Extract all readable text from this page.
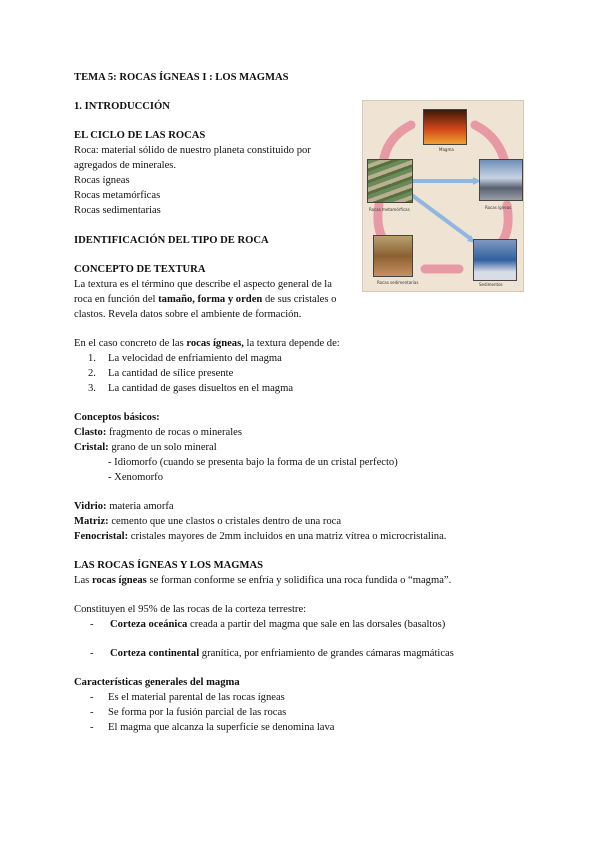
TEMA 5: ROCAS ÍGNEAS I : LOS MAGMAS
1. INTRODUCCIÓN
EL CICLO DE LAS ROCAS
Roca: material sólido de nuestro planeta constituido por
agregados de minerales.
Rocas ígneas
Rocas metamórficas
Rocas sedimentarias
IDENTIFICACIÓN DEL TIPO DE ROCA
CONCEPTO DE TEXTURA
La textura es el término que describe el aspecto general de la
roca en función del tamaño, forma y orden de sus cristales o
clastos. Revela datos sobre el ambiente de formación.
En el caso concreto de las rocas ígneas, la textura depende de:
1. La velocidad de enfriamiento del magma
2. La cantidad de sílice presente
3. La cantidad de gases disueltos en el magma
Conceptos básicos:
Clasto: fragmento de rocas o minerales
Cristal: grano de un solo mineral
- Idiomorfo (cuando se presenta bajo la forma de un cristal perfecto)
- Xenomorfo
Vidrio: materia amorfa
Matriz: cemento que une clastos o cristales dentro de una roca
Fenocristal: cristales mayores de 2mm incluidos en una matriz vítrea o microcristalina.
LAS ROCAS ÍGNEAS Y LOS MAGMAS
Las rocas ígneas se forman conforme se enfría y solidifica una roca fundida o “magma”.
Constituyen el 95% de las rocas de la corteza terrestre:
- Corteza oceánica creada a partir del magma que sale en las dorsales (basaltos)
- Corteza continental granítica, por enfriamiento de grandes cámaras magmáticas
Características generales del magma
- Es el material parental de las rocas ígneas
- Se forma por la fusión parcial de las rocas
- El magma que alcanza la superficie se denomina lava
Magma
Rocas ígneas
Rocas metamórficas
Sedimentos
Rocas sedimentarias
